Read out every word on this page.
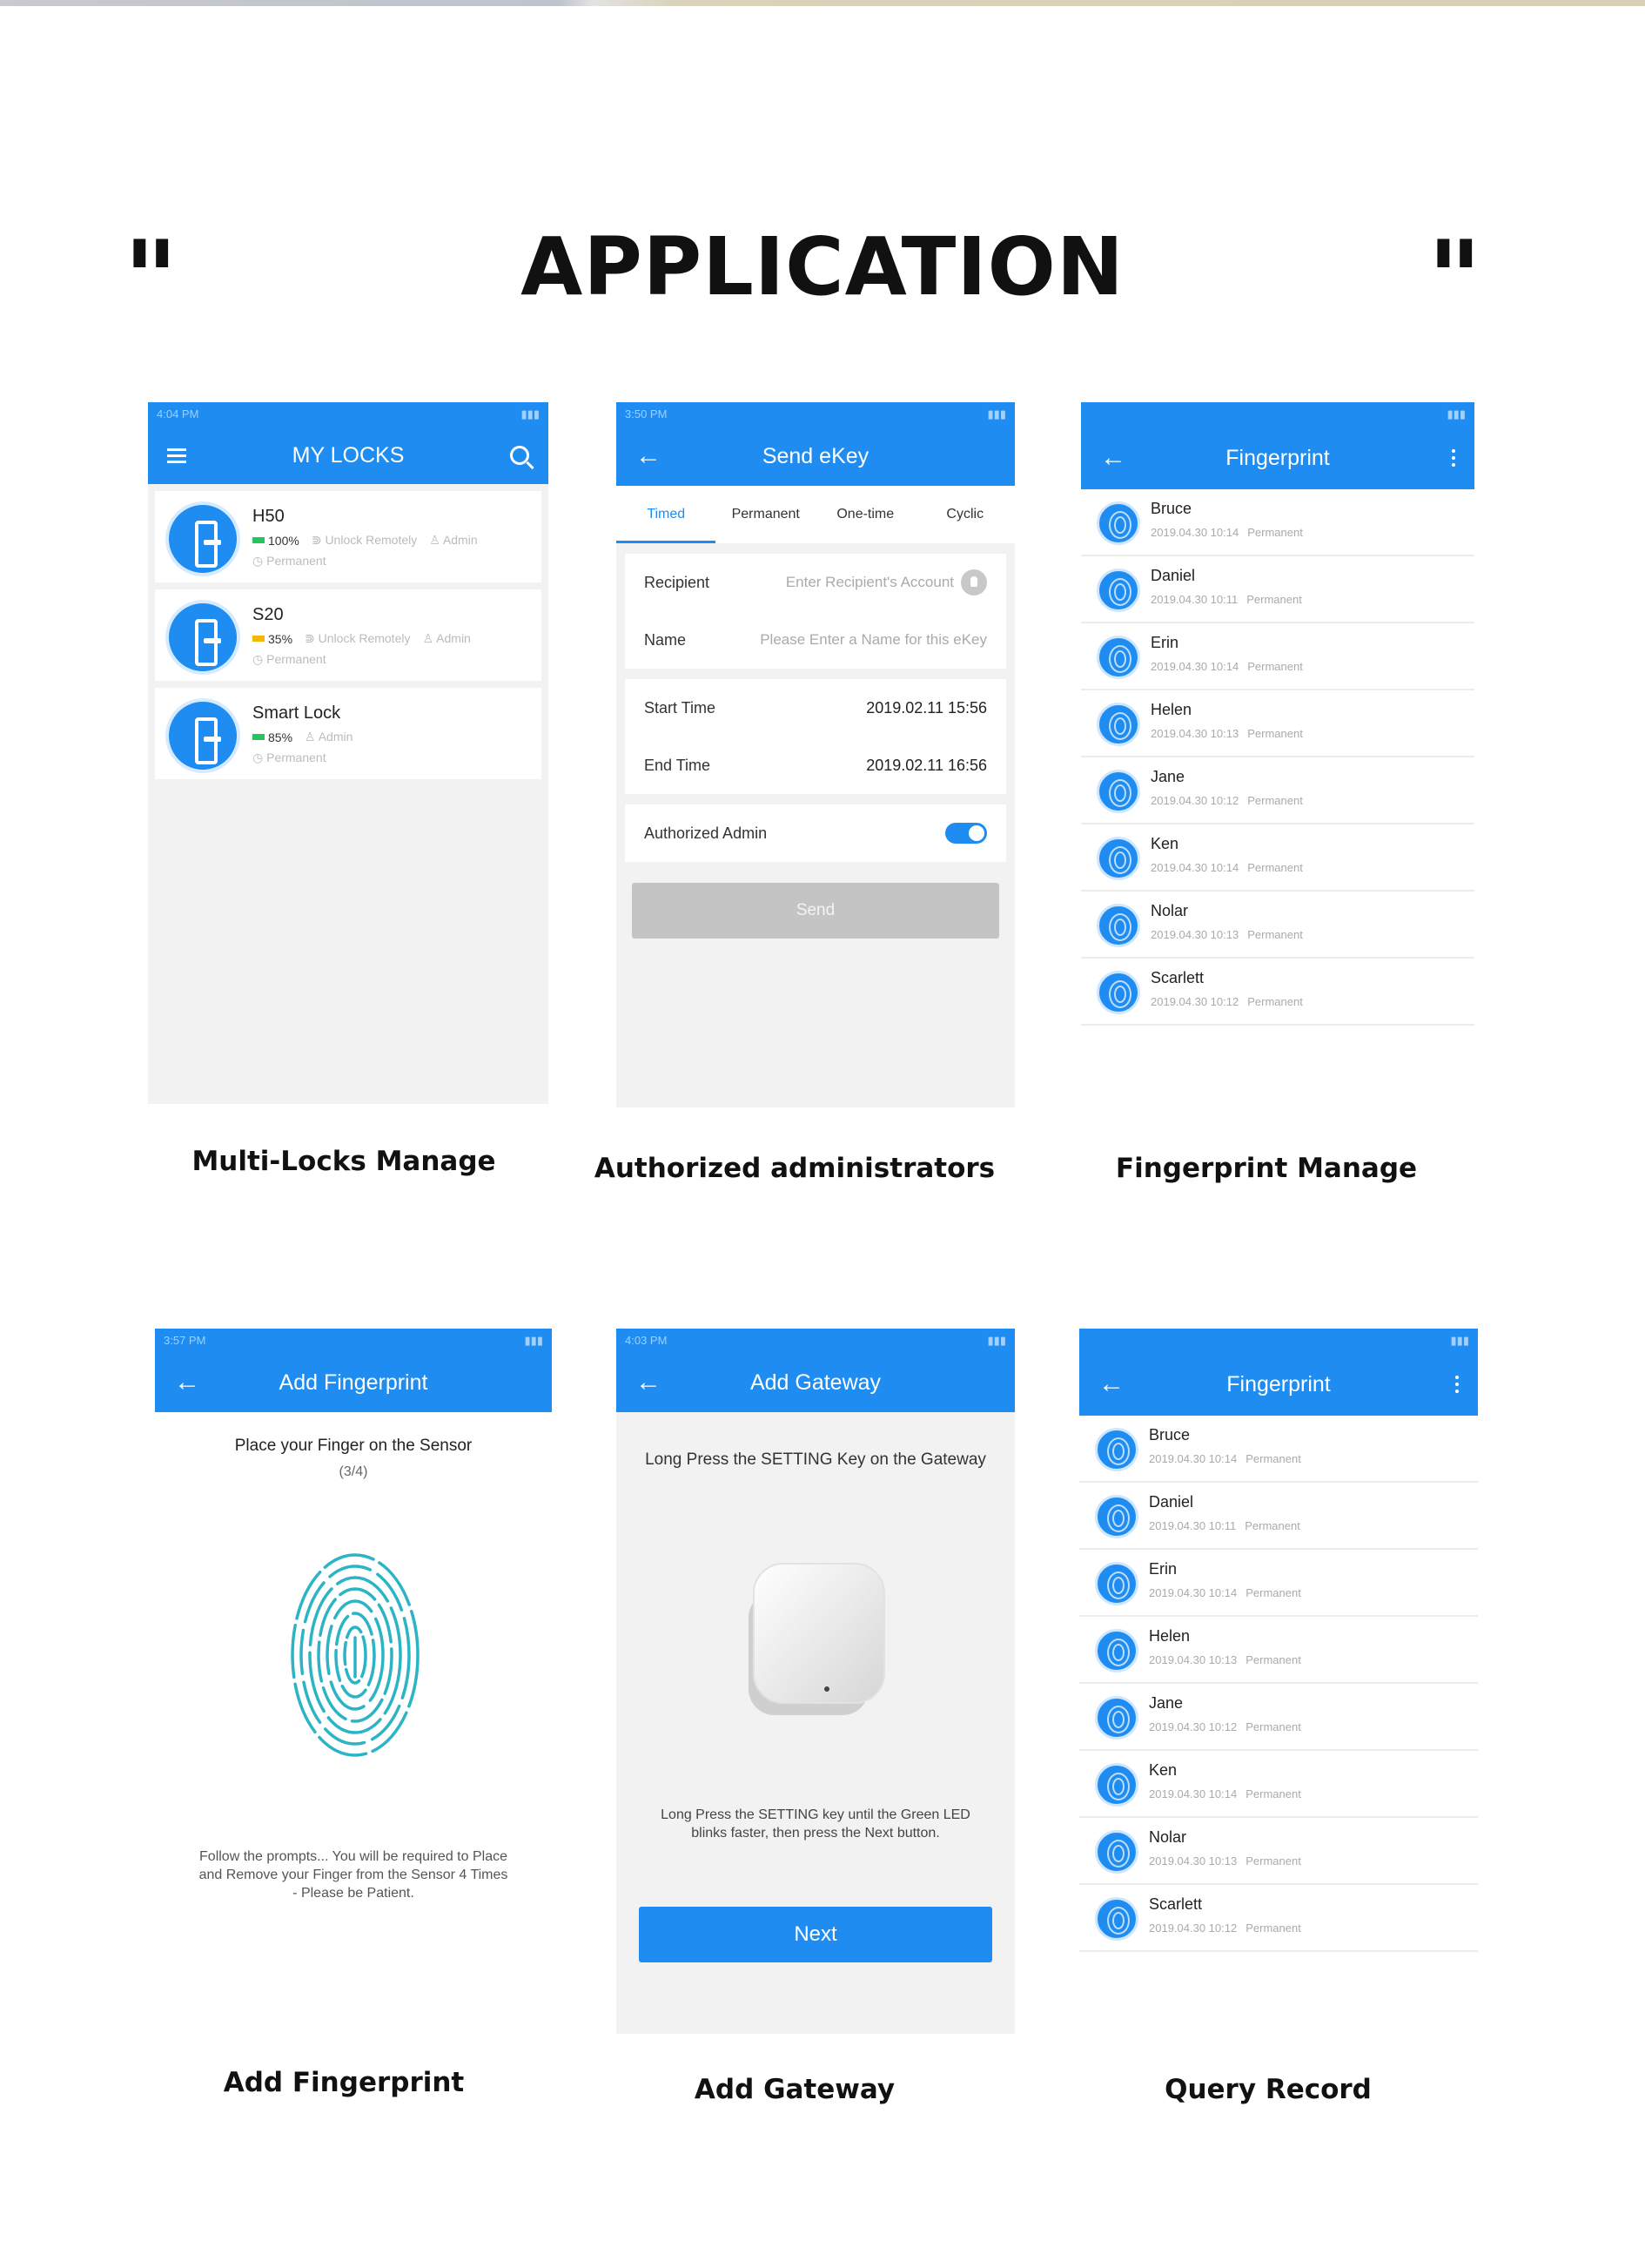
"	APPLICATION	"
4:04 PM	▮▮▮
MY LOCKS
H50
100% ⋑ Unlock Remotely ♙ Admin
◷ Permanent
S20
35% ⋑ Unlock Remotely ♙ Admin
◷ Permanent
Smart Lock
85% ♙ Admin
◷ Permanent
Multi-Locks Manage
3:50 PM	▮▮▮
←	Send eKey
Timed	Permanent	One-time	Cyclic
Recipient	Enter Recipient's Account
Name	Please Enter a Name for this eKey
Start Time	2019.02.11 15:56
End Time	2019.02.11 16:56
Authorized Admin
Send
Authorized administrators
▮▮▮
←	Fingerprint
Bruce
2019.04.30 10:14 Permanent
Daniel
2019.04.30 10:11 Permanent
Erin
2019.04.30 10:14 Permanent
Helen
2019.04.30 10:13 Permanent
Jane
2019.04.30 10:12 Permanent
Ken
2019.04.30 10:14 Permanent
Nolar
2019.04.30 10:13 Permanent
Scarlett
2019.04.30 10:12 Permanent
Fingerprint Manage
3:57 PM	▮▮▮
←	Add Fingerprint
Place your Finger on the Sensor
(3/4)
Follow the prompts... You will be required to Place
and Remove your Finger from the Sensor 4 Times
- Please be Patient.
Add Fingerprint
4:03 PM	▮▮▮
←	Add Gateway
Long Press the SETTING Key on the Gateway
Long Press the SETTING key until the Green LED
blinks faster, then press the Next button.
Next
Add Gateway
▮▮▮
←	Fingerprint
Bruce
2019.04.30 10:14 Permanent
Daniel
2019.04.30 10:11 Permanent
Erin
2019.04.30 10:14 Permanent
Helen
2019.04.30 10:13 Permanent
Jane
2019.04.30 10:12 Permanent
Ken
2019.04.30 10:14 Permanent
Nolar
2019.04.30 10:13 Permanent
Scarlett
2019.04.30 10:12 Permanent
Query Record
